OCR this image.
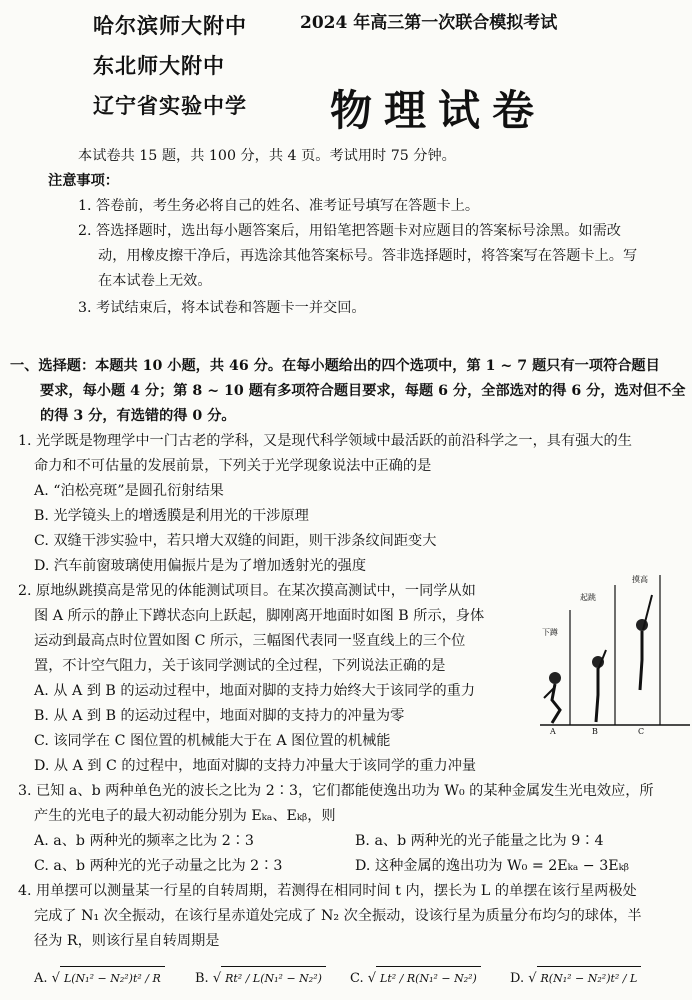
哈尔滨师大附中
东北师大附中
辽宁省实验中学
2024 年高三第一次联合模拟考试
物理试卷
本试卷共 15 题，共 100 分，共 4 页。考试用时 75 分钟。
注意事项：
1. 答卷前，考生务必将自己的姓名、准考证号填写在答题卡上。
2. 答选择题时，选出每小题答案后，用铅笔把答题卡对应题目的答案标号涂黑。如需改
动，用橡皮擦干净后，再选涂其他答案标号。答非选择题时，将答案写在答题卡上。写
在本试卷上无效。
3. 考试结束后，将本试卷和答题卡一并交回。
一、选择题：本题共 10 小题，共 46 分。在每小题给出的四个选项中，第 1 ~ 7 题只有一项符合题目
要求，每小题 4 分；第 8 ~ 10 题有多项符合题目要求，每题 6 分，全部选对的得 6 分，选对但不全
的得 3 分，有选错的得 0 分。
1. 光学既是物理学中一门古老的学科，又是现代科学领域中最活跃的前沿科学之一，具有强大的生
命力和不可估量的发展前景，下列关于光学现象说法中正确的是
A. “泊松亮斑”是圆孔衍射结果
B. 光学镜头上的增透膜是利用光的干涉原理
C. 双缝干涉实验中，若只增大双缝的间距，则干涉条纹间距变大
D. 汽车前窗玻璃使用偏振片是为了增加透射光的强度
2. 原地纵跳摸高是常见的体能测试项目。在某次摸高测试中，一同学从如
图 A 所示的静止下蹲状态向上跃起，脚刚离开地面时如图 B 所示，身体
运动到最高点时位置如图 C 所示，三幅图代表同一竖直线上的三个位
置，不计空气阻力，关于该同学测试的全过程，下列说法正确的是
A. 从 A 到 B 的运动过程中，地面对脚的支持力始终大于该同学的重力
B. 从 A 到 B 的运动过程中，地面对脚的支持力的冲量为零
C. 该同学在 C 图位置的机械能大于在 A 图位置的机械能
D. 从 A 到 C 的过程中，地面对脚的支持力冲量大于该同学的重力冲量
下蹲
起跳
摸高
A	B	C
3. 已知 a、b 两种单色光的波长之比为 2∶3，它们都能使逸出功为 W₀ 的某种金属发生光电效应，所
产生的光电子的最大初动能分别为 Eₖₐ、Eₖᵦ，则
A. a、b 两种光的频率之比为 2∶3	B. a、b 两种光的光子能量之比为 9∶4
C. a、b 两种光的光子动量之比为 2∶3	D. 这种金属的逸出功为 W₀ = 2Eₖₐ − 3Eₖᵦ
4. 用单摆可以测量某一行星的自转周期，若测得在相同时间 t 内，摆长为 L 的单摆在该行星两极处
完成了 N₁ 次全振动，在该行星赤道处完成了 N₂ 次全振动，设该行星为质量分布均匀的球体，半
径为 R，则该行星自转周期是
A. √ L(N₁² − N₂²)t² / R	B. √ Rt² / L(N₁² − N₂²)	C. √ Lt² / R(N₁² − N₂²)	D. √ R(N₁² − N₂²)t² / L
